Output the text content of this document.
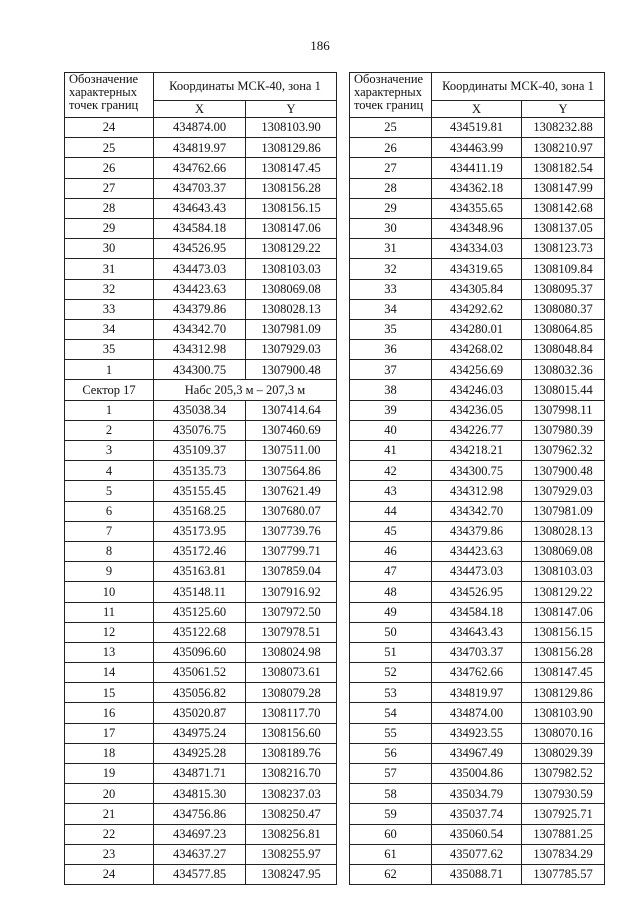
186
Обозначение характерных точек границ	Координаты МСК-40, зона 1	
	X	Y
24	434874.00	1308103.90
25	434819.97	1308129.86
26	434762.66	1308147.45
27	434703.37	1308156.28
28	434643.43	1308156.15
29	434584.18	1308147.06
30	434526.95	1308129.22
31	434473.03	1308103.03
32	434423.63	1308069.08
33	434379.86	1308028.13
34	434342.70	1307981.09
35	434312.98	1307929.03
1	434300.75	1307900.48
Сектор 17	Набс 205,3 м – 207,3 м	
1	435038.34	1307414.64
2	435076.75	1307460.69
3	435109.37	1307511.00
4	435135.73	1307564.86
5	435155.45	1307621.49
6	435168.25	1307680.07
7	435173.95	1307739.76
8	435172.46	1307799.71
9	435163.81	1307859.04
10	435148.11	1307916.92
11	435125.60	1307972.50
12	435122.68	1307978.51
13	435096.60	1308024.98
14	435061.52	1308073.61
15	435056.82	1308079.28
16	435020.87	1308117.70
17	434975.24	1308156.60
18	434925.28	1308189.76
19	434871.71	1308216.70
20	434815.30	1308237.03
21	434756.86	1308250.47
22	434697.23	1308256.81
23	434637.27	1308255.97
24	434577.85	1308247.95
Обозначение характерных точек границ	Координаты МСК-40, зона 1	
	X	Y
25	434519.81	1308232.88
26	434463.99	1308210.97
27	434411.19	1308182.54
28	434362.18	1308147.99
29	434355.65	1308142.68
30	434348.96	1308137.05
31	434334.03	1308123.73
32	434319.65	1308109.84
33	434305.84	1308095.37
34	434292.62	1308080.37
35	434280.01	1308064.85
36	434268.02	1308048.84
37	434256.69	1308032.36
38	434246.03	1308015.44
39	434236.05	1307998.11
40	434226.77	1307980.39
41	434218.21	1307962.32
42	434300.75	1307900.48
43	434312.98	1307929.03
44	434342.70	1307981.09
45	434379.86	1308028.13
46	434423.63	1308069.08
47	434473.03	1308103.03
48	434526.95	1308129.22
49	434584.18	1308147.06
50	434643.43	1308156.15
51	434703.37	1308156.28
52	434762.66	1308147.45
53	434819.97	1308129.86
54	434874.00	1308103.90
55	434923.55	1308070.16
56	434967.49	1308029.39
57	435004.86	1307982.52
58	435034.79	1307930.59
59	435037.74	1307925.71
60	435060.54	1307881.25
61	435077.62	1307834.29
62	435088.71	1307785.57
